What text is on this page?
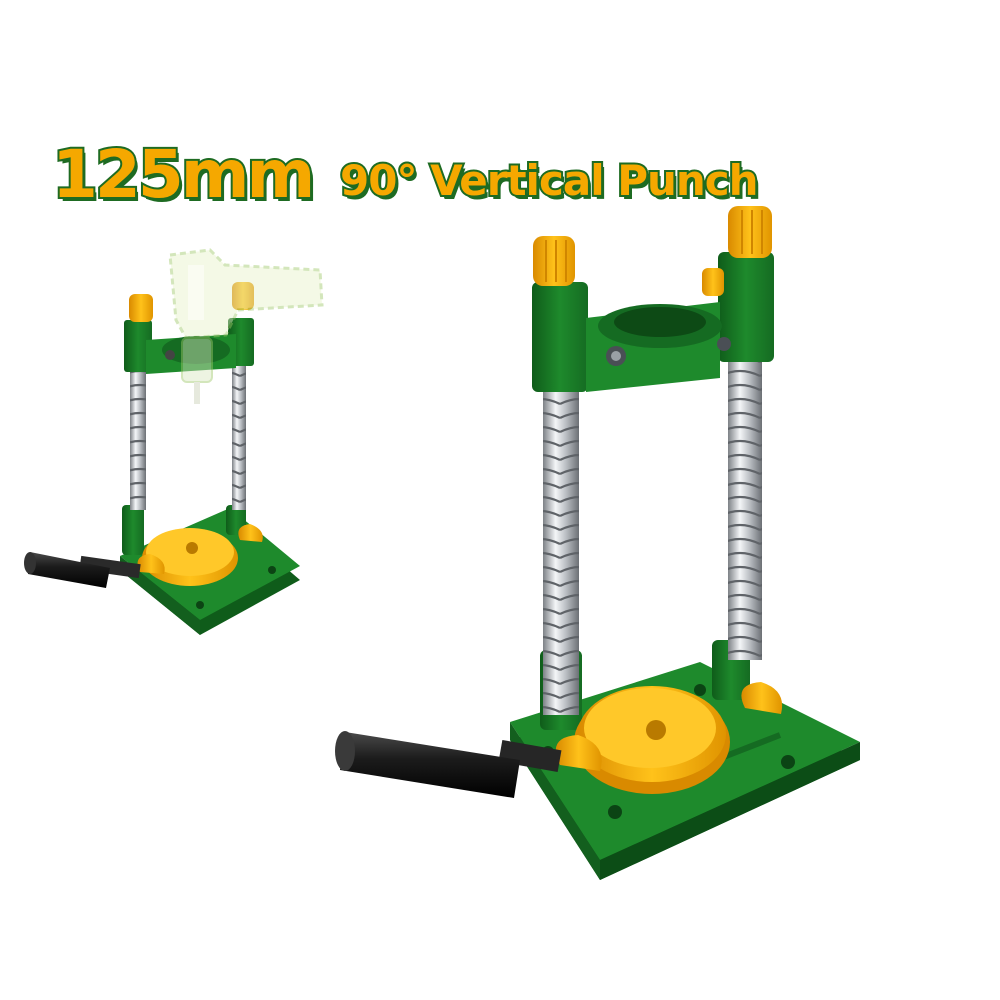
125mm 90° Vertical Punch
